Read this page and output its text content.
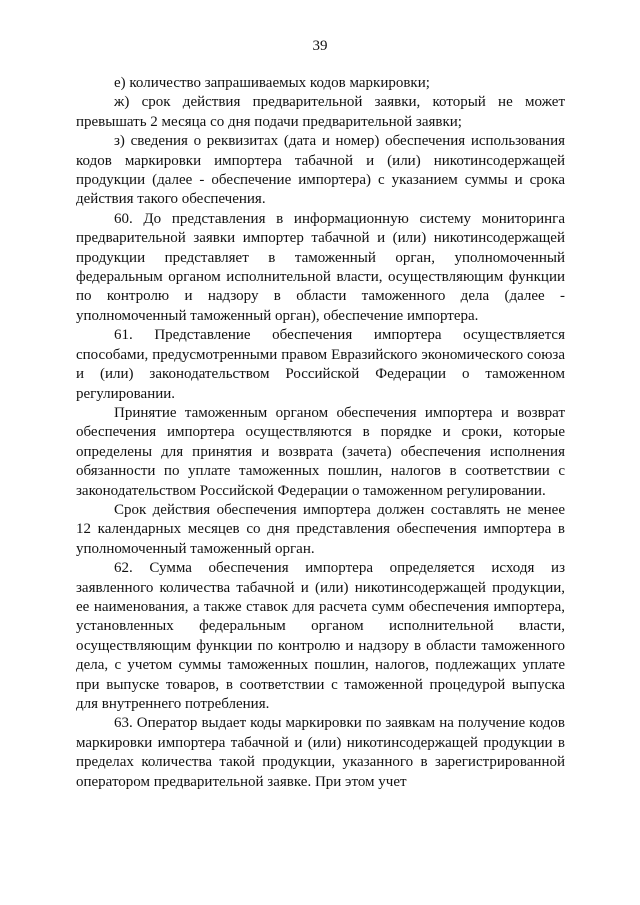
39

е) количество запрашиваемых кодов маркировки;

ж) срок действия предварительной заявки, который не может превышать 2 месяца со дня подачи предварительной заявки;

з) сведения о реквизитах (дата и номер) обеспечения использования кодов маркировки импортера табачной и (или) никотинсодержащей продукции (далее - обеспечение импортера) с указанием суммы и срока действия такого обеспечения.

60. До представления в информационную систему мониторинга предварительной заявки импортер табачной и (или) никотинсодержащей продукции представляет в таможенный орган, уполномоченный федеральным органом исполнительной власти, осуществляющим функции по контролю и надзору в области таможенного дела (далее - уполномоченный таможенный орган), обеспечение импортера.

61. Представление обеспечения импортера осуществляется способами, предусмотренными правом Евразийского экономического союза и (или) законодательством Российской Федерации о таможенном регулировании.

Принятие таможенным органом обеспечения импортера и возврат обеспечения импортера осуществляются в порядке и сроки, которые определены для принятия и возврата (зачета) обеспечения исполнения обязанности по уплате таможенных пошлин, налогов в соответствии с законодательством Российской Федерации о таможенном регулировании.

Срок действия обеспечения импортера должен составлять не менее 12 календарных месяцев со дня представления обеспечения импортера в уполномоченный таможенный орган.

62. Сумма обеспечения импортера определяется исходя из заявленного количества табачной и (или) никотинсодержащей продукции, ее наименования, а также ставок для расчета сумм обеспечения импортера, установленных федеральным органом исполнительной власти, осуществляющим функции по контролю и надзору в области таможенного дела, с учетом суммы таможенных пошлин, налогов, подлежащих уплате при выпуске товаров, в соответствии с таможенной процедурой выпуска для внутреннего потребления.

63. Оператор выдает коды маркировки по заявкам на получение кодов маркировки импортера табачной и (или) никотинсодержащей продукции в пределах количества такой продукции, указанного в зарегистрированной оператором предварительной заявке. При этом учет
